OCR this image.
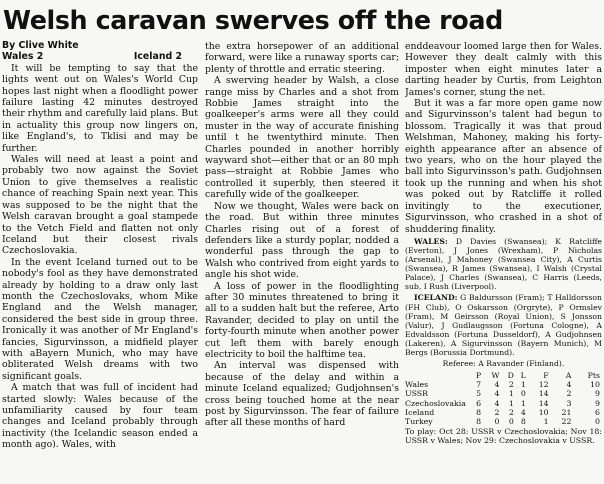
Welsh caravan swerves off the road
By Clive White
Wales 2	Iceland 2

It will be tempting to say that the lights went out on Wales's World Cup hopes last night when a floodlight power failure lasting 42 minutes destroyed their rhythm and carefully laid plans. But in actuality this group now lingers on, like England's, to Tklisi and may be further.

Wales will need at least a point and probably two now against the Soviet Union to give themselves a realistic chance of reaching Spain next year. This was supposed to be the night that the Welsh caravan brought a goal stampede to the Vetch Field and flatten not only Iceland but their closest rivals Czechoslovakia.

In the event Iceland turned out to be nobody's fool as they have demonstrated already by holding to a draw only last month the Czechoslovaks, whom Mike England and the Welsh manager, considered the best side in group three. Ironically it was another of Mr England's fancies, Sigurvinsson, a midfield player with aBayern Munich, who may have obliterated Welsh dreams with two significant goals.

A match that was full of incident had started slowly: Wales because of the unfamiliarity caused by four team changes and Iceland probably through inactivity (the Icelandic season ended a month ago). Wales, with

the extra horsepower of an additional forward, were like a runaway sports car; plenty of throttle and erratic steering.

A swerving header by Walsh, a close range miss by Charles and a shot from Robbie James straight into the goalkeeper's arms were all they could muster in the way of accurate finishing until t he twentythird minute. Then Charles pounded in another horribly wayward shot—either that or an 80 mph pass—straight at Robbie James who controlled it superbly, then steered it carefully wide of the goalkeeper.

Now we thought, Wales were back on the road. But within three minutes Charles rising out of a forest of defenders like a sturdy poplar, nodded a wonderful pass through the gap to Walsh who contrived from eight yards to angle his shot wide.

A loss of power in the floodlighting after 30 minutes threatened to bring it all to a sudden halt but the referee, Arto Ravander, decided to play on until the forty-fourth minute when another power cut left them with barely enough electricity to boil the halftime tea.

An interval was dispensed with because of the delay and within a minute Iceland equalized; Gudjohnsen's cross being touched home at the near post by Sigurvinsson. The fear of failure after all these months of hard

enddeavour loomed large then for Wales. However they dealt calmly with this imposter when eight minutes later a darting header by Curtis, from Leighton James's corner, stung the net.

But it was a far more open game now and Sigurvinsson's talent had begun to blossom. Tragically it was that proud Welshman, Mahoney, making his forty-eighth appearance after an absence of two years, who on the hour played the ball into Sigurvinsson's path. Gudjohnsen took up the running and when his shot was poked out by Ratcliffe it rolled invitingly to the executioner, Sigurvinsson, who crashed in a shot of shuddering finality.

WALES: D Davies (Swansea); K Ratcliffe (Everton), J Jones (Wrexham), P Nicholas (Arsenal), J Mahoney (Swansea City), A Curtis (Swansea), R James (Swansea), I Walsh (Crystal Palace), J Charles (Swansea), C Harris (Leeds, sub, I Rush (Liverpool).

ICELAND: G Baldursson (Fram); T Halldorsson (FH Club), O Oskarsson (Orgryte), P Ormslev (Fram), M Geirsson (Royal Union), S Jonsson (Valur), J Gudlaugsson (Fortuna Cologne), A Edvaldsson (Fortuna Dusseldorf), A Gudjohnsen (Lakeren), A Sigurvinsson (Bayern Munich), M Bergs (Borussia Dortmund).

Referee: A Ravander (Finland).

	P	W	D	L	F	A	Pts
Wales	7	4	2	1	12	4	10
USSR	5	4	1	0	14	2	9
Czechoslovakia	6	4	1	1	14	3	9
Iceland	8	2	2	4	10	21	6
Turkey	8	0	0	8	1	22	0

To play: Oct 28: USSR v Czechoslovakia; Nov 18: USSR v Wales; Nov 29: Czechoslovakia v USSR.
